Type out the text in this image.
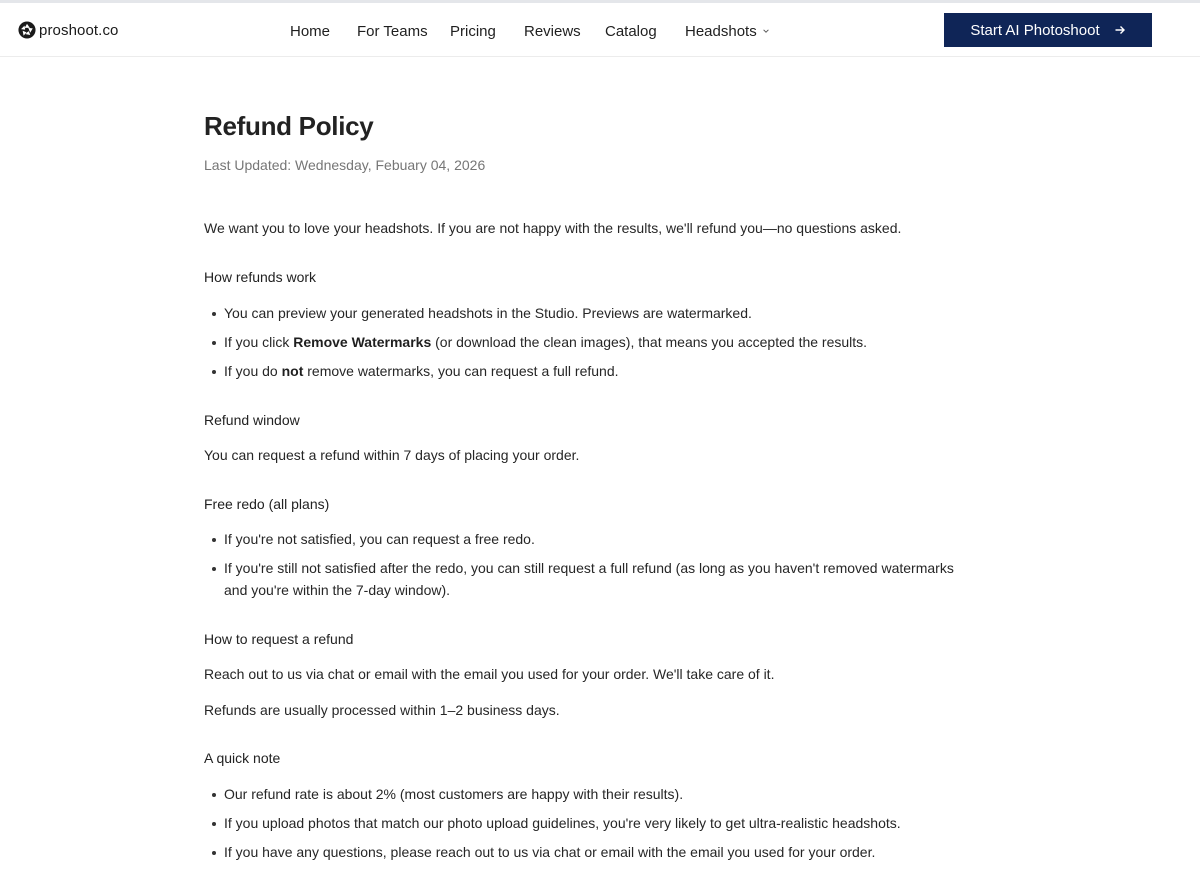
proshoot.co	Home For Teams Pricing Reviews Catalog Headshots	Start AI Photoshoot
Refund Policy
Last Updated: Wednesday, Febuary 04, 2026
We want you to love your headshots. If you are not happy with the results, we'll refund you—no questions asked.
How refunds work
You can preview your generated headshots in the Studio. Previews are watermarked.
If you click Remove Watermarks (or download the clean images), that means you accepted the results.
If you do not remove watermarks, you can request a full refund.
Refund window
You can request a refund within 7 days of placing your order.
Free redo (all plans)
If you're not satisfied, you can request a free redo.
If you're still not satisfied after the redo, you can still request a full refund (as long as you haven't removed watermarks and you're within the 7-day window).
How to request a refund
Reach out to us via chat or email with the email you used for your order. We'll take care of it.
Refunds are usually processed within 1–2 business days.
A quick note
Our refund rate is about 2% (most customers are happy with their results).
If you upload photos that match our photo upload guidelines, you're very likely to get ultra-realistic headshots.
If you have any questions, please reach out to us via chat or email with the email you used for your order.
